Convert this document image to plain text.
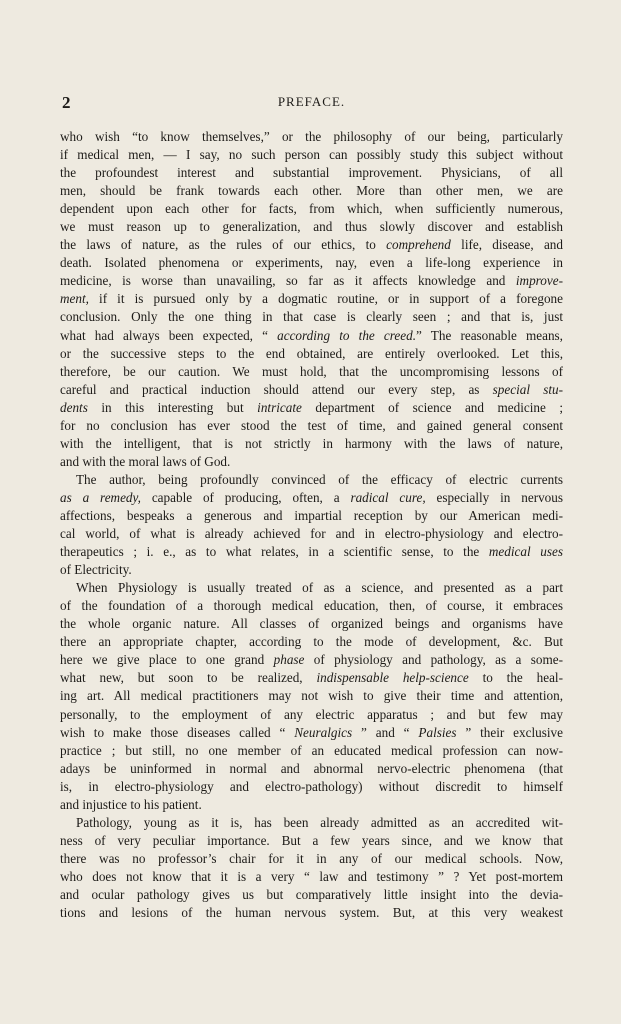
2	PREFACE.
who wish “to know themselves,” or the philosophy of our being, particularly
if medical men, — I say, no such person can possibly study this subject without
the profoundest interest and substantial improvement. Physicians, of all
men, should be frank towards each other. More than other men, we are
dependent upon each other for facts, from which, when sufficiently numerous,
we must reason up to generalization, and thus slowly discover and establish
the laws of nature, as the rules of our ethics, to comprehend life, disease, and
death. Isolated phenomena or experiments, nay, even a life-long experience in
medicine, is worse than unavailing, so far as it affects knowledge and improve-
ment, if it is pursued only by a dogmatic routine, or in support of a foregone
conclusion. Only the one thing in that case is clearly seen ; and that is, just
what had always been expected, “ according to the creed.” The reasonable means,
or the successive steps to the end obtained, are entirely overlooked. Let this,
therefore, be our caution. We must hold, that the uncompromising lessons of
careful and practical induction should attend our every step, as special stu-
dents in this interesting but intricate department of science and medicine ;
for no conclusion has ever stood the test of time, and gained general consent
with the intelligent, that is not strictly in harmony with the laws of nature,
and with the moral laws of God.
The author, being profoundly convinced of the efficacy of electric currents
as a remedy, capable of producing, often, a radical cure, especially in nervous
affections, bespeaks a generous and impartial reception by our American medi-
cal world, of what is already achieved for and in electro-physiology and electro-
therapeutics ; i. e., as to what relates, in a scientific sense, to the medical uses
of Electricity.
When Physiology is usually treated of as a science, and presented as a part
of the foundation of a thorough medical education, then, of course, it embraces
the whole organic nature. All classes of organized beings and organisms have
there an appropriate chapter, according to the mode of development, &c. But
here we give place to one grand phase of physiology and pathology, as a some-
what new, but soon to be realized, indispensable help-science to the heal-
ing art. All medical practitioners may not wish to give their time and attention,
personally, to the employment of any electric apparatus ; and but few may
wish to make those diseases called “ Neuralgics ” and “ Palsies ” their exclusive
practice ; but still, no one member of an educated medical profession can now-
adays be uninformed in normal and abnormal nervo-electric phenomena (that
is, in electro-physiology and electro-pathology) without discredit to himself
and injustice to his patient.
Pathology, young as it is, has been already admitted as an accredited wit-
ness of very peculiar importance. But a few years since, and we know that
there was no professor’s chair for it in any of our medical schools. Now,
who does not know that it is a very “ law and testimony ” ? Yet post-mortem
and ocular pathology gives us but comparatively little insight into the devia-
tions and lesions of the human nervous system. But, at this very weakest
